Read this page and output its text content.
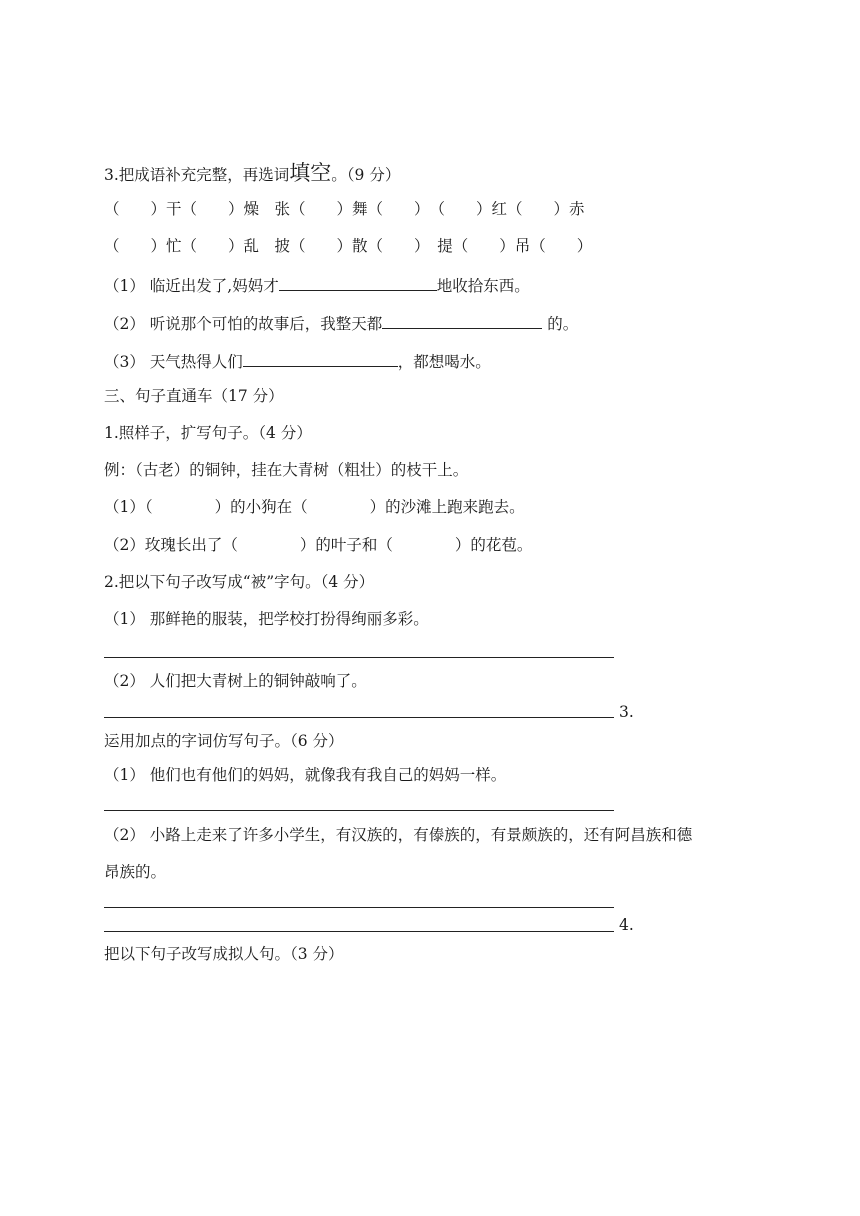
3.把成语补充完整，再选词填空。（9 分）
（　　）干（　　）燥　张（　　）舞（　　）　（　　）红（　　）赤
（　　）忙（　　）乱　披（　　）散（　　）　提（　　）吊（　　）
（1） 临近出发了,妈妈才	地收拾东西。
（2） 听说那个可怕的故事后，我整天都	的。
（3） 天气热得人们	，都想喝水。
三、句子直通车（17 分）
1.照样子，扩写句子。（4 分）
例：（古老）的铜钟，挂在大青树（粗壮）的枝干上。
（1）（　　　　）的小狗在（　　　　）的沙滩上跑来跑去。
（2）玫瑰长出了（　　　　）的叶子和（　　　　）的花苞。
2.把以下句子改写成“被”字句。（4 分）
（1） 那鲜艳的服装，把学校打扮得绚丽多彩。
（2） 人们把大青树上的铜钟敲响了。
3.
运用加点的字词仿写句子。（6 分）
（1） 他们也有他们的妈妈，就像我有我自己的妈妈一样。
（2） 小路上走来了许多小学生，有汉族的，有傣族的，有景颇族的，还有阿昌族和德
昂族的。
4.
把以下句子改写成拟人句。（3 分）
